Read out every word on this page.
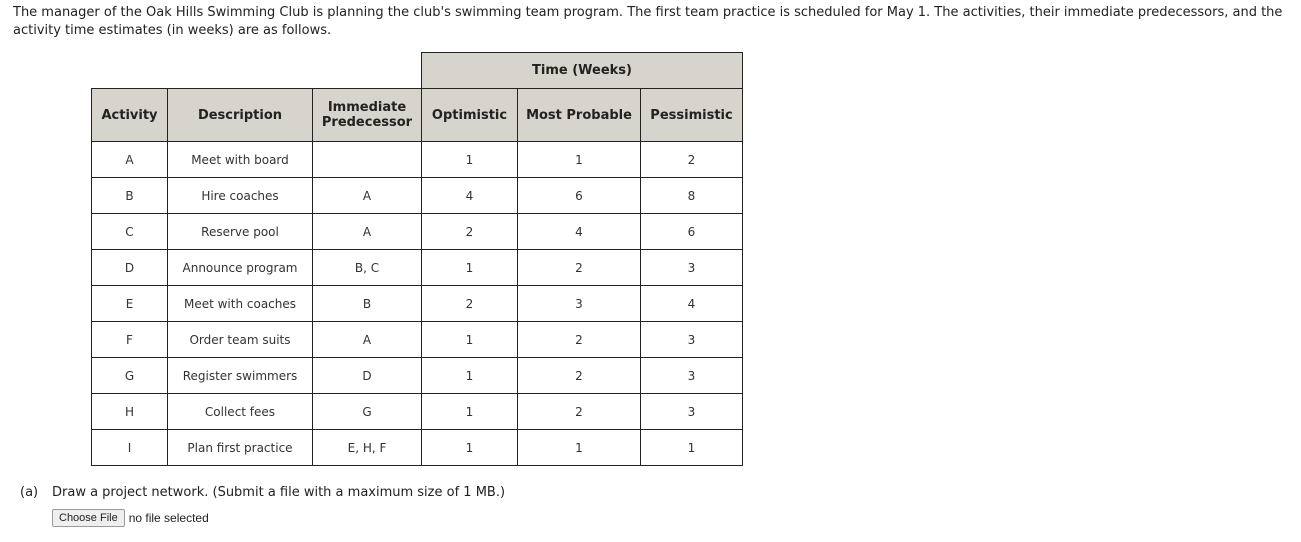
The manager of the Oak Hills Swimming Club is planning the club's swimming team program. The first team practice is scheduled for May 1. The activities, their immediate predecessors, and the activity time estimates (in weeks) are as follows.

			Time (Weeks)		
Activity	Description	Immediate Predecessor	Optimistic	Most Probable	Pessimistic
A	Meet with board		1	1	2
B	Hire coaches	A	4	6	8
C	Reserve pool	A	2	4	6
D	Announce program	B, C	1	2	3
E	Meet with coaches	B	2	3	4
F	Order team suits	A	1	2	3
G	Register swimmers	D	1	2	3
H	Collect fees	G	1	2	3
I	Plan first practice	E, H, F	1	1	1
(a) Draw a project network. (Submit a file with a maximum size of 1 MB.)
Choose File no file selected
